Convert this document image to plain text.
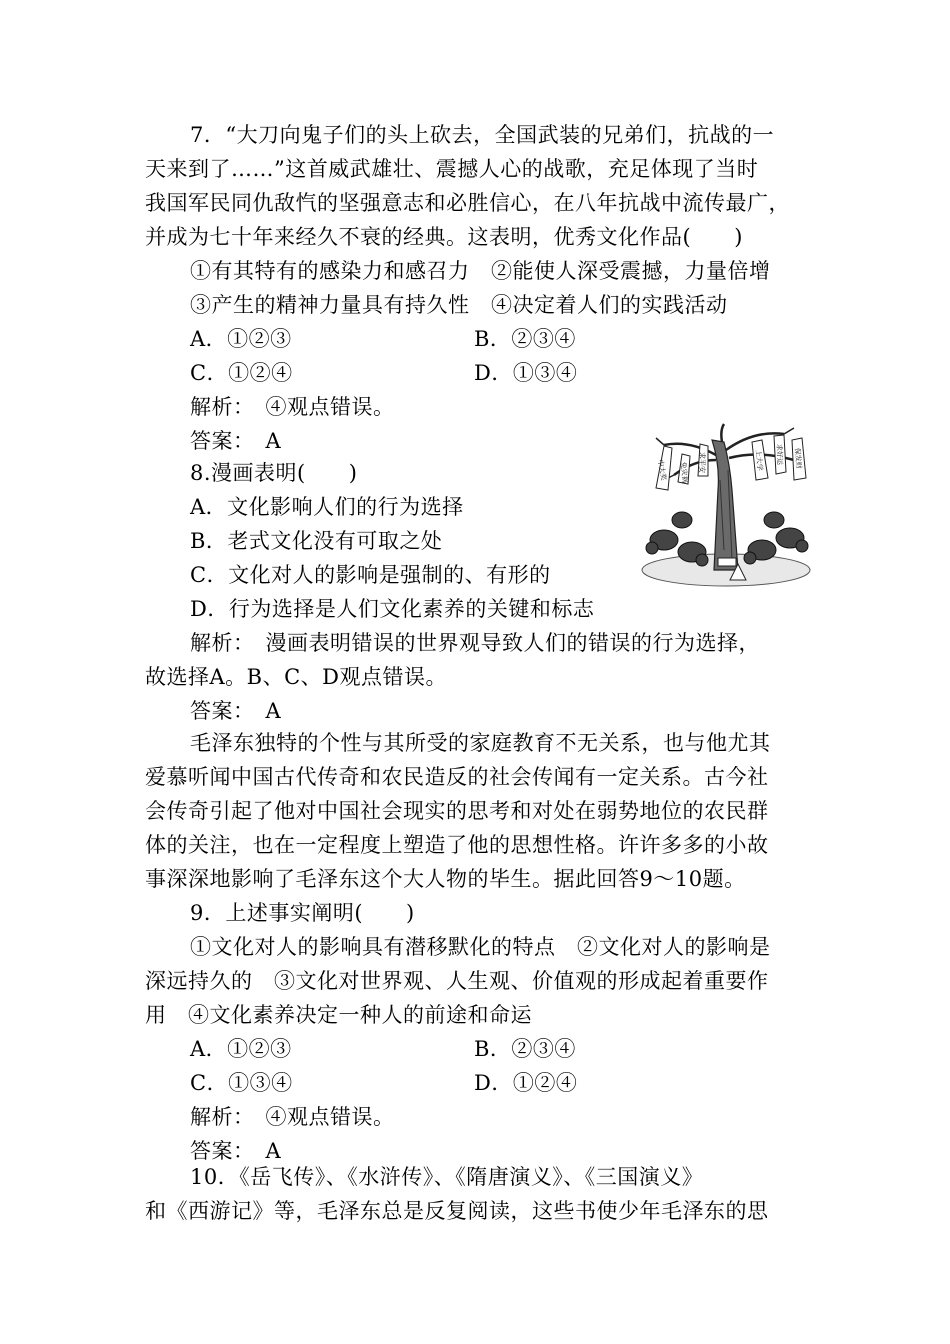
7．“大刀向鬼子们的头上砍去，全国武装的兄弟们，抗战的一
天来到了……”这首威武雄壮、震撼人心的战歌，充足体现了当时
我国军民同仇敌忾的坚强意志和必胜信心，在八年抗战中流传最广，
并成为七十年来经久不衰的经典。这表明，优秀文化作品(　　)
①有其特有的感染力和感召力　②能使人深受震撼，力量倍增
③产生的精神力量具有持久性　④决定着人们的实践活动
A．①②③	B．②③④
C．①②④	D．①③④
解析：　④观点错误。
答案：　A
8.漫画表明(　　)
A．文化影响人们的行为选择
B．老式文化没有可取之处
C．文化对人的影响是强制的、有形的
D．行为选择是人们文化素养的关键和标志
解析：　漫画表明错误的世界观导致人们的错误的行为选择，
故选择A。B、C、D观点错误。
答案：　A
中大奖 免灾祸 求平安	上大学 求好运 保发财
毛泽东独特的个性与其所受的家庭教育不无关系，也与他尤其
爱慕听闻中国古代传奇和农民造反的社会传闻有一定关系。古今社
会传奇引起了他对中国社会现实的思考和对处在弱势地位的农民群
体的关注，也在一定程度上塑造了他的思想性格。许许多多的小故
事深深地影响了毛泽东这个大人物的毕生。据此回答9～10题。
9．上述事实阐明(　　)
①文化对人的影响具有潜移默化的特点　②文化对人的影响是
深远持久的　③文化对世界观、人生观、价值观的形成起着重要作
用　④文化素养决定一种人的前途和命运
A．①②③	B．②③④
C．①③④	D．①②④
解析：　④观点错误。
答案：　A
10．《岳飞传》、《水浒传》、《隋唐演义》、《三国演义》
和《西游记》等，毛泽东总是反复阅读，这些书使少年毛泽东的思
